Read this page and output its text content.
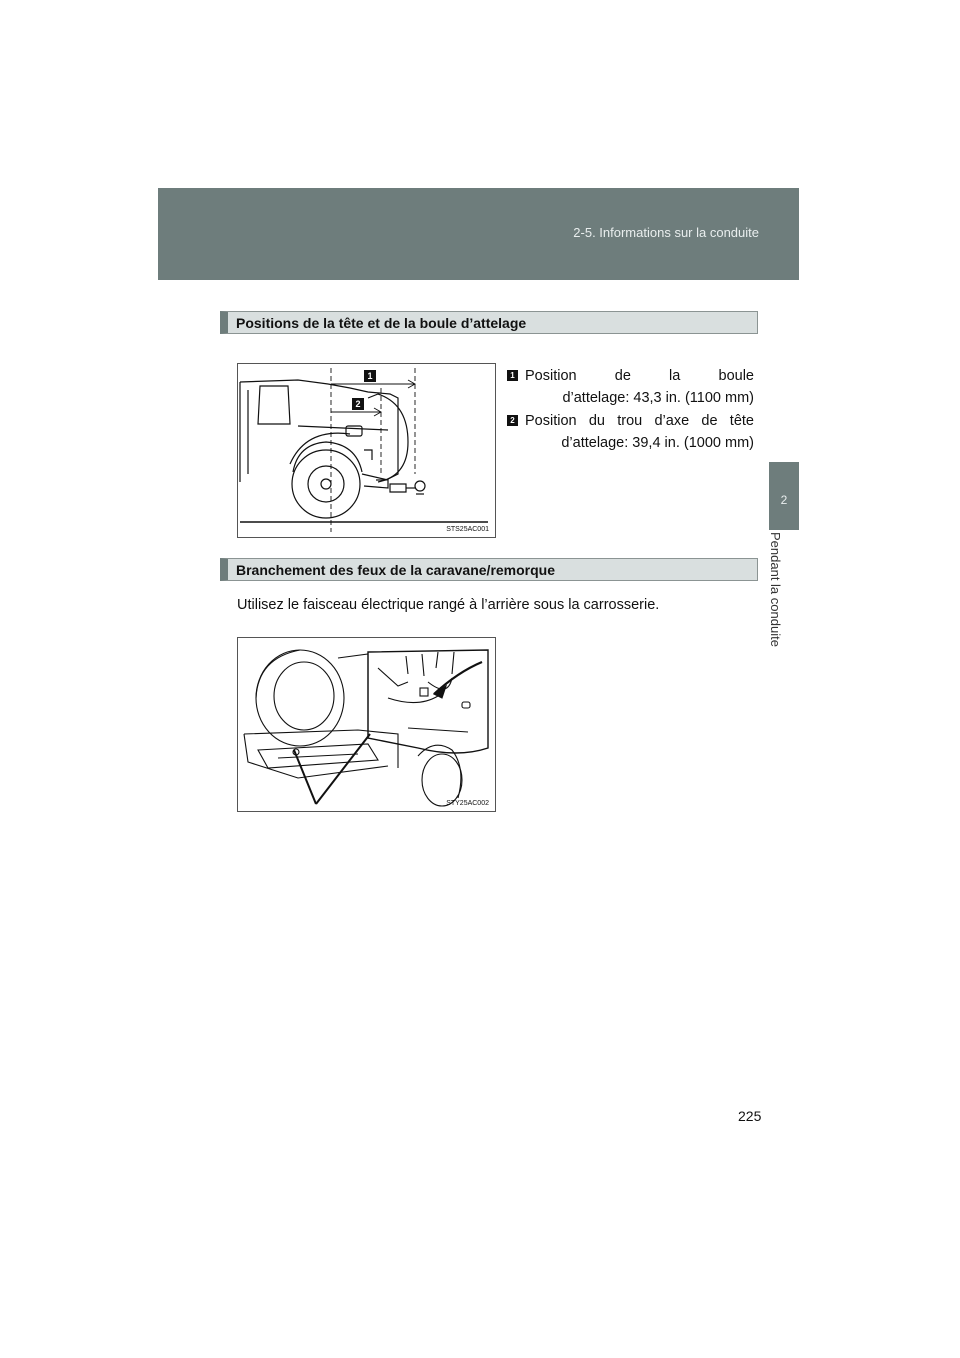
2-5. Informations sur la conduite
2
Pendant la conduite
Positions de la tête et de la boule d’attelage
1
2
STS25AC001
1 Position de la boule
d’attelage: 43,3 in. (1100 mm)
2 Position du trou d’axe de tête
d’attelage: 39,4 in. (1000 mm)
Branchement des feux de la caravane/remorque
Utilisez le faisceau électrique rangé à l’arrière sous la carrosserie.
STY25AC002
225
